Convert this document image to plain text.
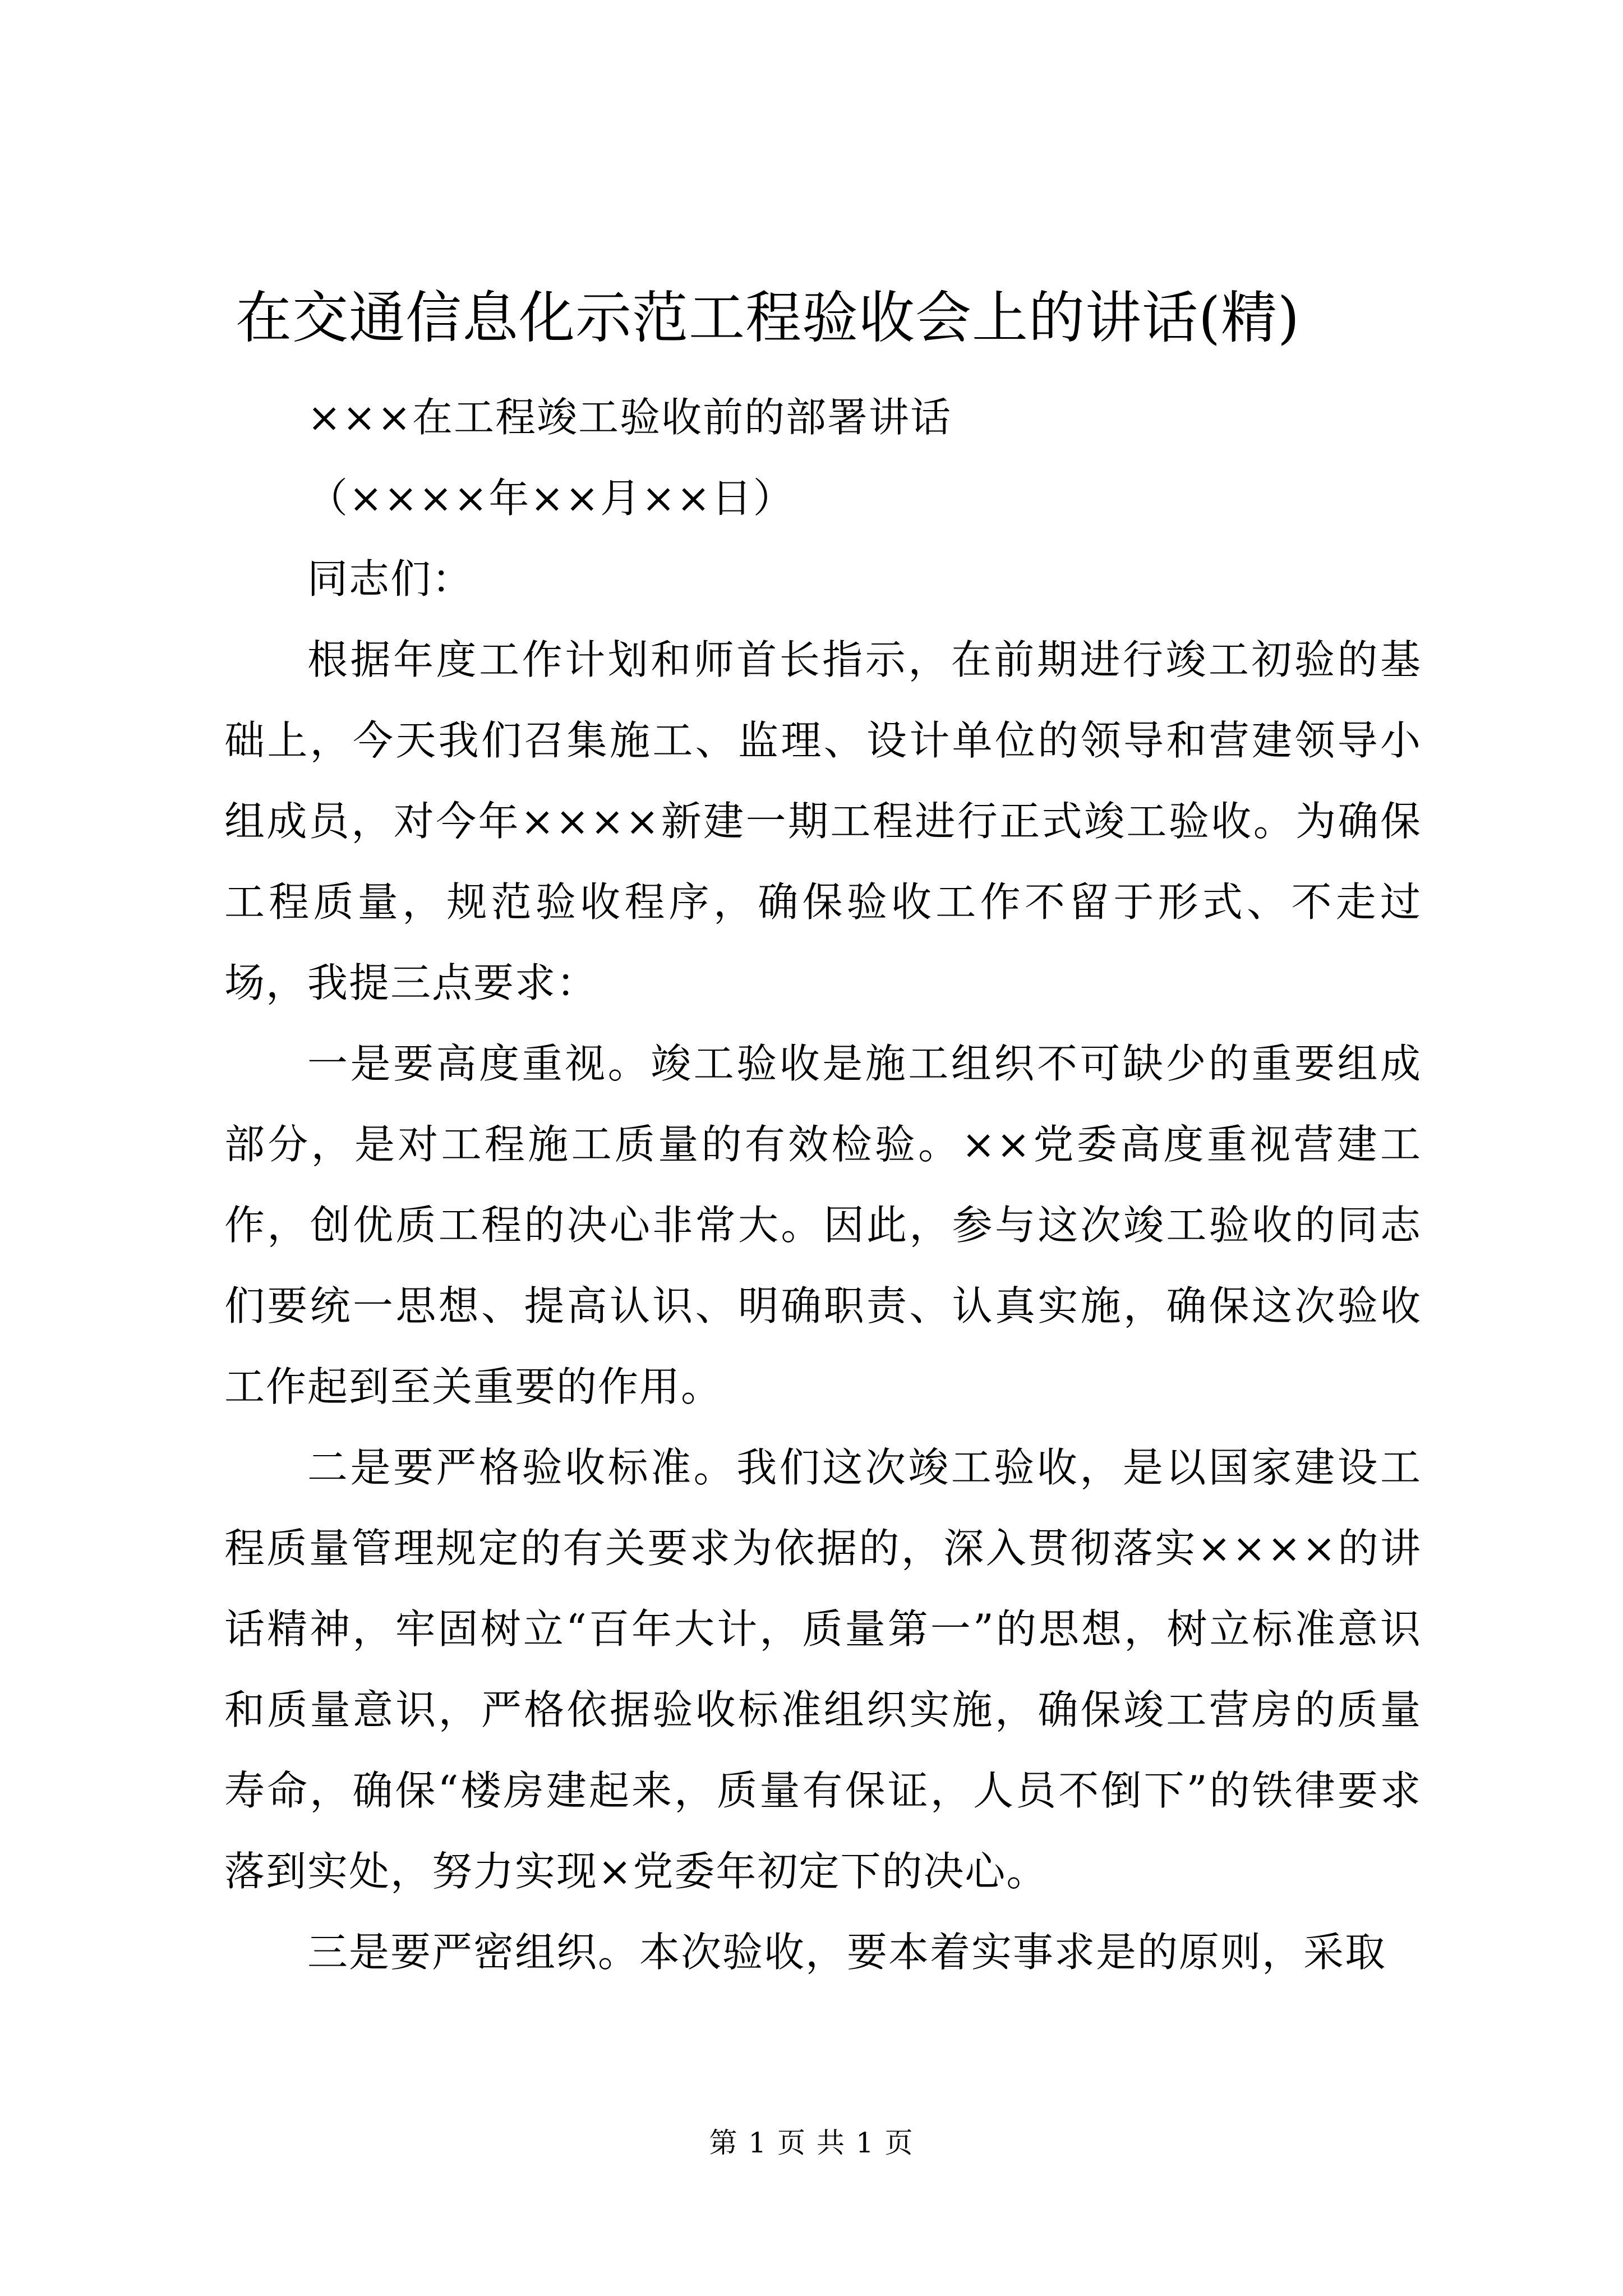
在交通信息化示范工程验收会上的讲话(精)

×××在工程竣工验收前的部署讲话

（××××年××月××日）

同志们：

根据年度工作计划和师首长指示，在前期进行竣工初验的基础上，今天我们召集施工、监理、设计单位的领导和营建领导小组成员，对今年××××新建一期工程进行正式竣工验收。为确保工程质量，规范验收程序，确保验收工作不留于形式、不走过场，我提三点要求：

一是要高度重视。竣工验收是施工组织不可缺少的重要组成部分，是对工程施工质量的有效检验。××党委高度重视营建工作，创优质工程的决心非常大。因此，参与这次竣工验收的同志们要统一思想、提高认识、明确职责、认真实施，确保这次验收工作起到至关重要的作用。

二是要严格验收标准。我们这次竣工验收，是以国家建设工程质量管理规定的有关要求为依据的，深入贯彻落实××××的讲话精神，牢固树立“百年大计，质量第一”的思想，树立标准意识和质量意识，严格依据验收标准组织实施，确保竣工营房的质量寿命，确保“楼房建起来，质量有保证，人员不倒下”的铁律要求落到实处，努力实现×党委年初定下的决心。

三是要严密组织。本次验收，要本着实事求是的原则，采取

第 1 页 共 1 页
